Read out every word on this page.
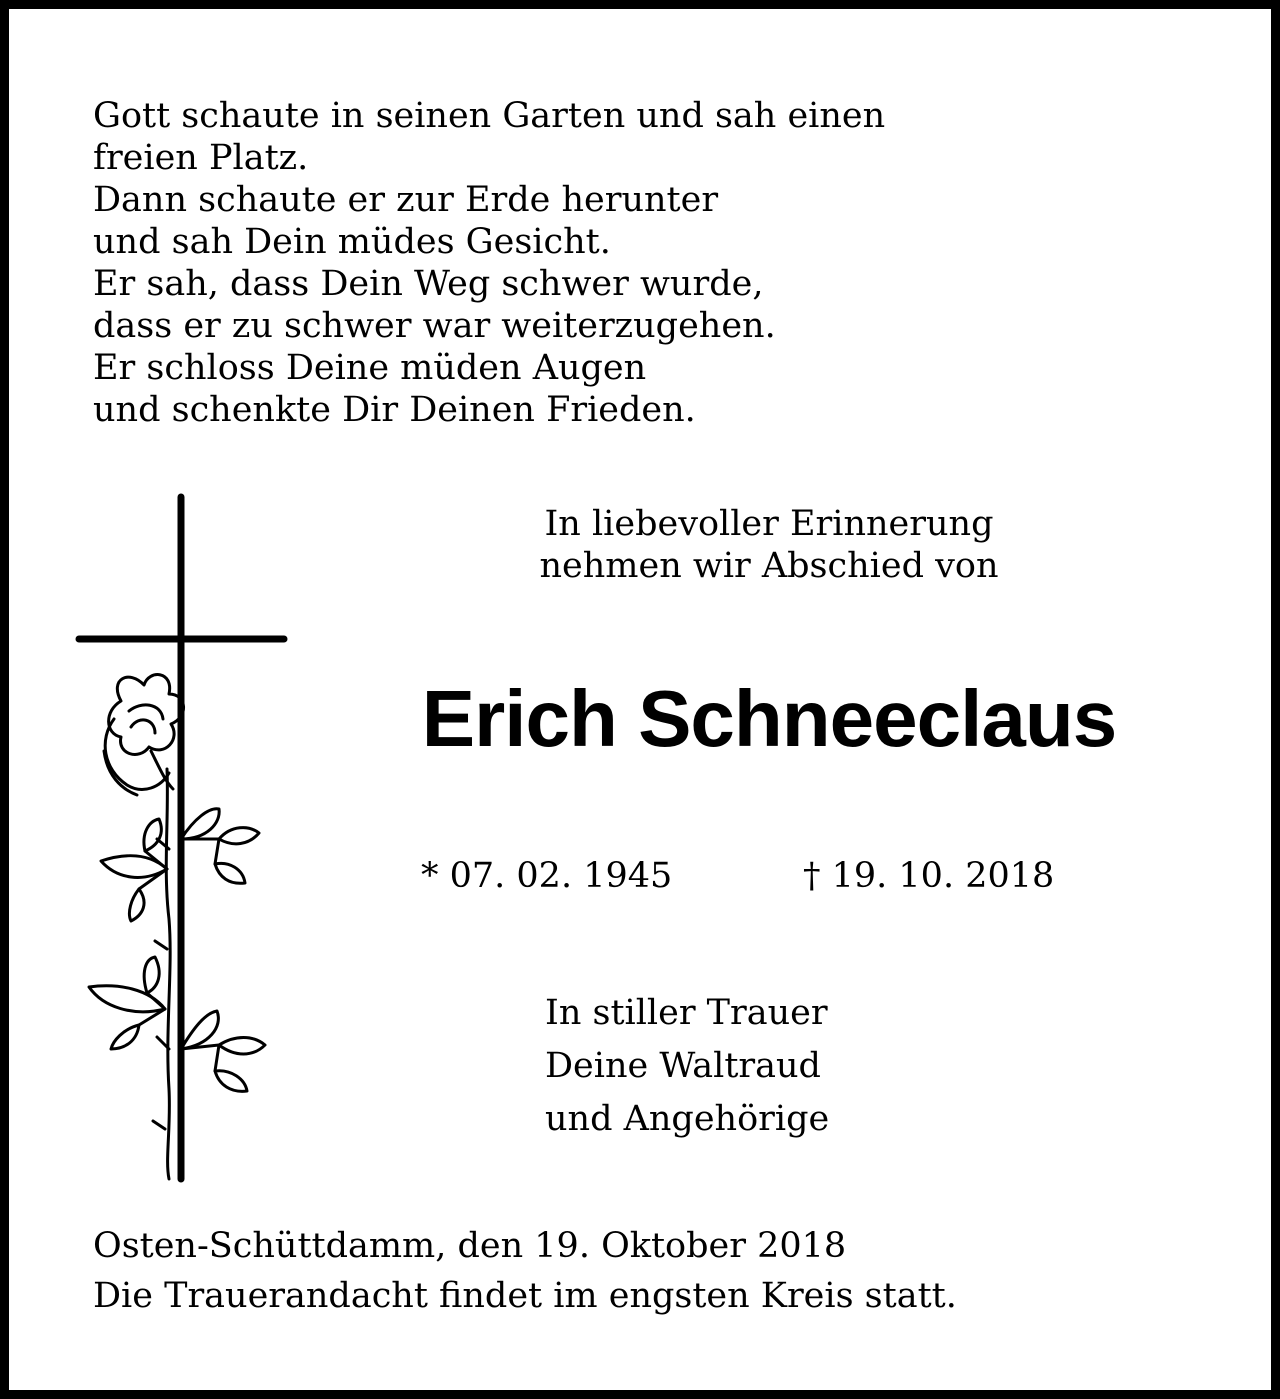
Gott schaute in seinen Garten und sah einen
freien Platz.
Dann schaute er zur Erde herunter
und sah Dein müdes Gesicht.
Er sah, dass Dein Weg schwer wurde,
dass er zu schwer war weiterzugehen.
Er schloss Deine müden Augen
und schenkte Dir Deinen Frieden.
In liebevoller Erinnerung
nehmen wir Abschied von
Erich Schneeclaus
* 07. 02. 1945	† 19. 10. 2018
In stiller Trauer
Deine Waltraud
und Angehörige
Osten-Schüttdamm, den 19. Oktober 2018
Die Trauerandacht findet im engsten Kreis statt.
